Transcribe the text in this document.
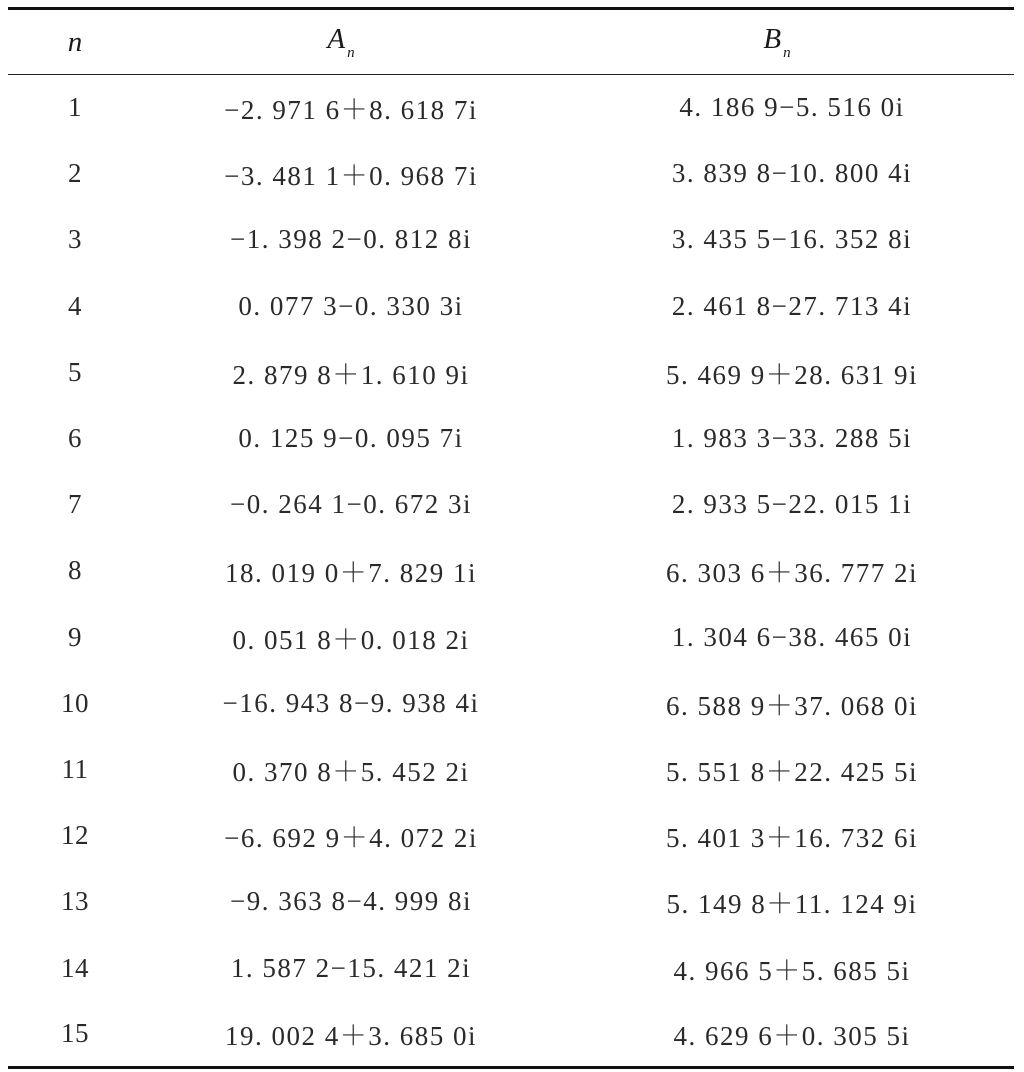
n	A $_n$	B $_n$
1	−2. 971 6＋8. 618 7i	4. 186 9−5. 516 0i
2	−3. 481 1＋0. 968 7i	3. 839 8−10. 800 4i
3	−1. 398 2−0. 812 8i	3. 435 5−16. 352 8i
4	0. 077 3−0. 330 3i	2. 461 8−27. 713 4i
5	2. 879 8＋1. 610 9i	5. 469 9＋28. 631 9i
6	0. 125 9−0. 095 7i	1. 983 3−33. 288 5i
7	−0. 264 1−0. 672 3i	2. 933 5−22. 015 1i
8	18. 019 0＋7. 829 1i	6. 303 6＋36. 777 2i
9	0. 051 8＋0. 018 2i	1. 304 6−38. 465 0i
10	−16. 943 8−9. 938 4i	6. 588 9＋37. 068 0i
11	0. 370 8＋5. 452 2i	5. 551 8＋22. 425 5i
12	−6. 692 9＋4. 072 2i	5. 401 3＋16. 732 6i
13	−9. 363 8−4. 999 8i	5. 149 8＋11. 124 9i
14	1. 587 2−15. 421 2i	4. 966 5＋5. 685 5i
15	19. 002 4＋3. 685 0i	4. 629 6＋0. 305 5i
